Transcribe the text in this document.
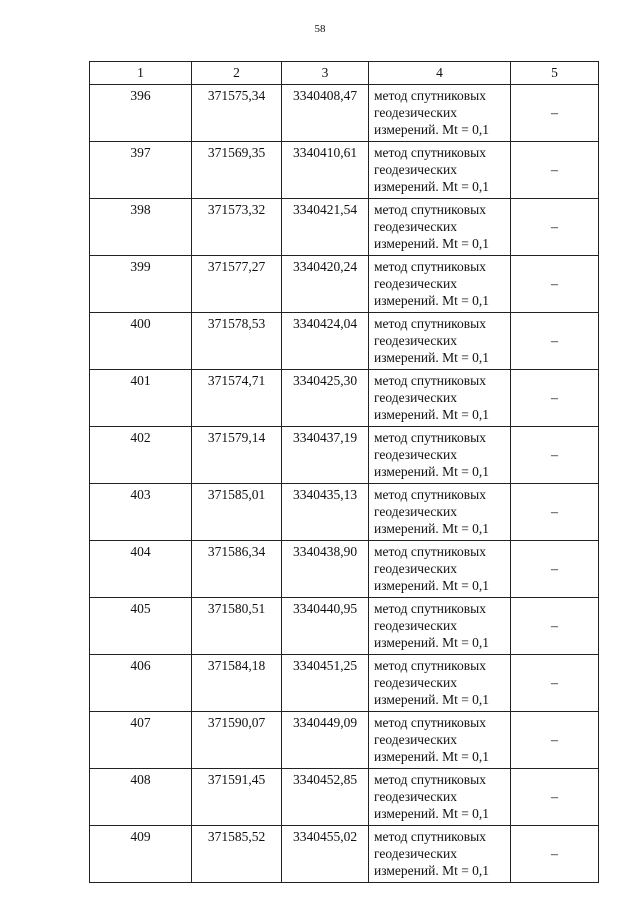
58
1	2	3	4	5
396	371575,34	3340408,47	метод спутниковых геодезических измерений. Mt = 0,1	–
397	371569,35	3340410,61	метод спутниковых геодезических измерений. Mt = 0,1	–
398	371573,32	3340421,54	метод спутниковых геодезических измерений. Mt = 0,1	–
399	371577,27	3340420,24	метод спутниковых геодезических измерений. Mt = 0,1	–
400	371578,53	3340424,04	метод спутниковых геодезических измерений. Mt = 0,1	–
401	371574,71	3340425,30	метод спутниковых геодезических измерений. Mt = 0,1	–
402	371579,14	3340437,19	метод спутниковых геодезических измерений. Mt = 0,1	–
403	371585,01	3340435,13	метод спутниковых геодезических измерений. Mt = 0,1	–
404	371586,34	3340438,90	метод спутниковых геодезических измерений. Mt = 0,1	–
405	371580,51	3340440,95	метод спутниковых геодезических измерений. Mt = 0,1	–
406	371584,18	3340451,25	метод спутниковых геодезических измерений. Mt = 0,1	–
407	371590,07	3340449,09	метод спутниковых геодезических измерений. Mt = 0,1	–
408	371591,45	3340452,85	метод спутниковых геодезических измерений. Mt = 0,1	–
409	371585,52	3340455,02	метод спутниковых геодезических измерений. Mt = 0,1	–
